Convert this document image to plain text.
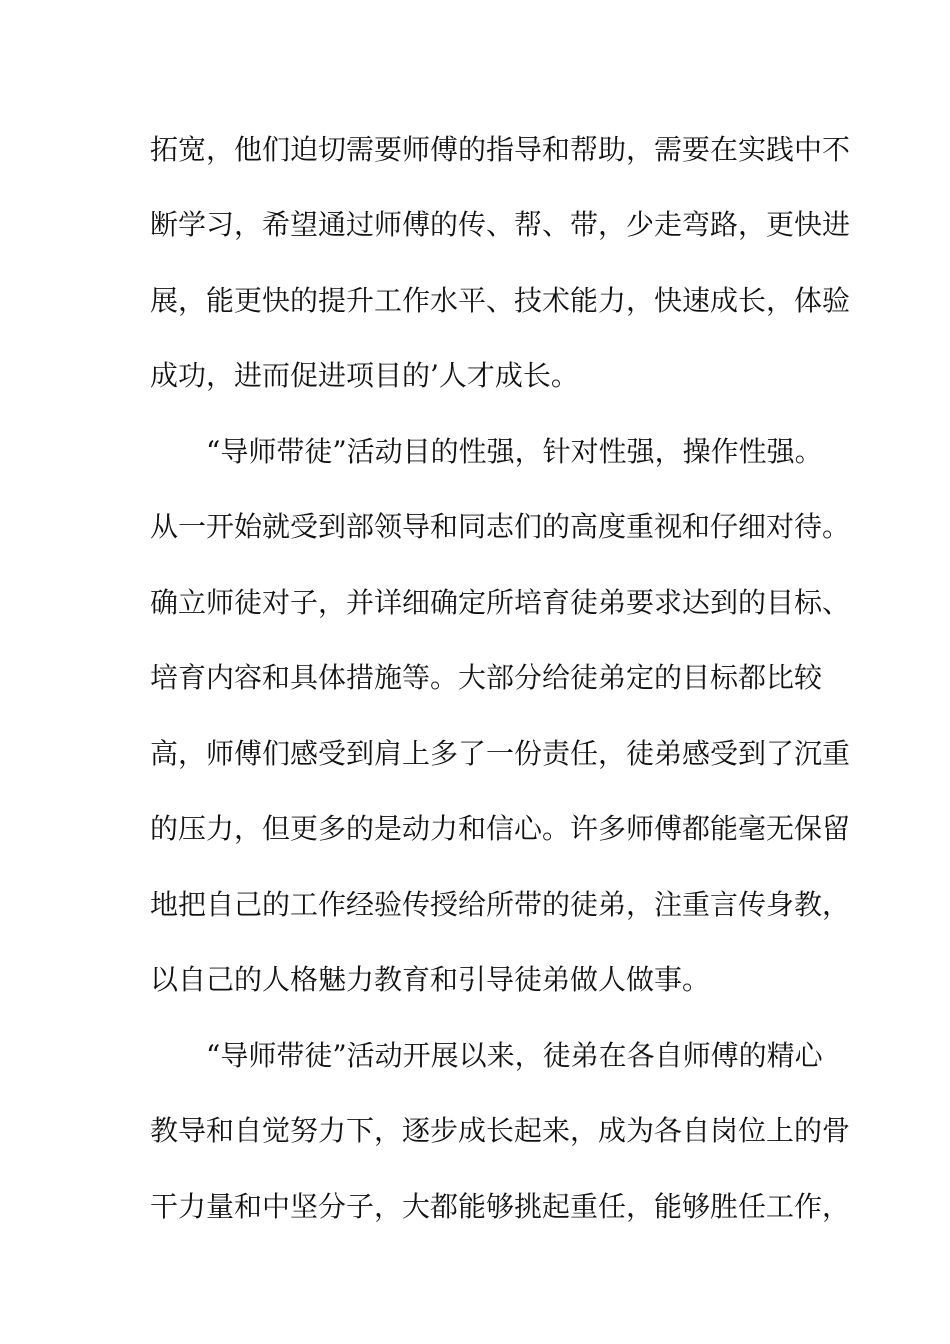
拓宽，他们迫切需要师傅的指导和帮助，需要在实践中不
断学习，希望通过师傅的传、帮、带，少走弯路，更快进
展，能更快的提升工作水平、技术能力，快速成长，体验
成功，进而促进项目的’人才成长。
“导师带徒”活动目的性强，针对性强，操作性强。
从一开始就受到部领导和同志们的高度重视和仔细对待。
确立师徒对子，并详细确定所培育徒弟要求达到的目标、
培育内容和具体措施等。大部分给徒弟定的目标都比较
高，师傅们感受到肩上多了一份责任，徒弟感受到了沉重
的压力，但更多的是动力和信心。许多师傅都能毫无保留
地把自己的工作经验传授给所带的徒弟，注重言传身教，
以自己的人格魅力教育和引导徒弟做人做事。
“导师带徒”活动开展以来，徒弟在各自师傅的精心
教导和自觉努力下，逐步成长起来，成为各自岗位上的骨
干力量和中坚分子，大都能够挑起重任，能够胜任工作，
